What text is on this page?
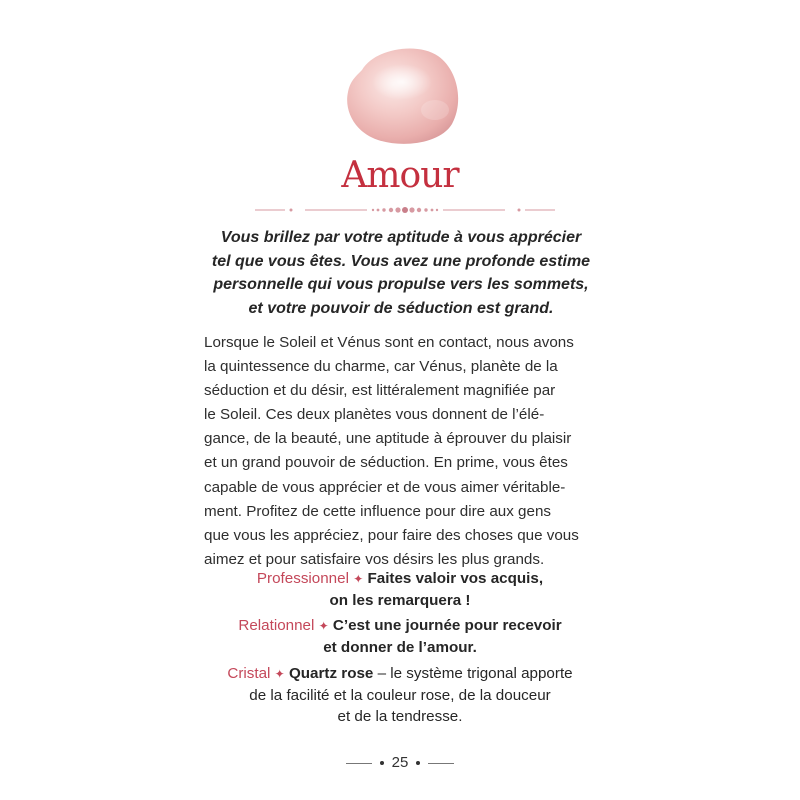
Amour
Vous brillez par votre aptitude à vous apprécier
tel que vous êtes. Vous avez une profonde estime
personnelle qui vous propulse vers les sommets,
et votre pouvoir de séduction est grand.
Lorsque le Soleil et Vénus sont en contact, nous avons
la quintessence du charme, car Vénus, planète de la
séduction et du désir, est littéralement magnifiée par
le Soleil. Ces deux planètes vous donnent de l’élé-
gance, de la beauté, une aptitude à éprouver du plaisir
et un grand pouvoir de séduction. En prime, vous êtes
capable de vous apprécier et de vous aimer véritable-
ment. Profitez de cette influence pour dire aux gens
que vous les appréciez, pour faire des choses que vous
aimez et pour satisfaire vos désirs les plus grands.
Professionnel ✦ Faites valoir vos acquis,
on les remarquera !
Relationnel ✦ C’est une journée pour recevoir
et donner de l’amour.
Cristal ✦ Quartz rose – le système trigonal apporte
de la facilité et la couleur rose, de la douceur
et de la tendresse.
25
